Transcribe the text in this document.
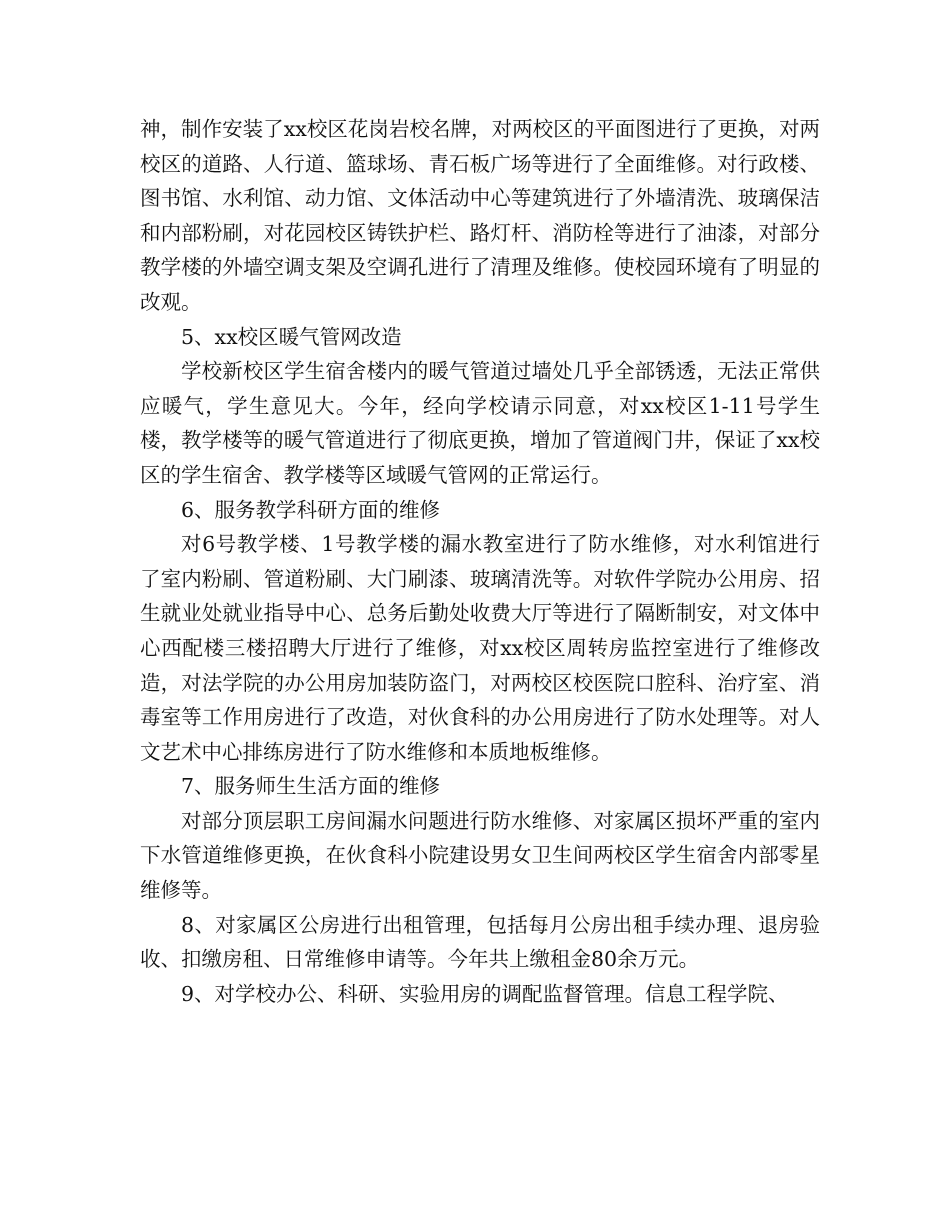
神，制作安装了xx校区花岗岩校名牌，对两校区的平面图进行了更换，对两校区的道路、人行道、篮球场、青石板广场等进行了全面维修。对行政楼、图书馆、水利馆、动力馆、文体活动中心等建筑进行了外墙清洗、玻璃保洁和内部粉刷，对花园校区铸铁护栏、路灯杆、消防栓等进行了油漆，对部分教学楼的外墙空调支架及空调孔进行了清理及维修。使校园环境有了明显的改观。

5、xx校区暖气管网改造

学校新校区学生宿舍楼内的暖气管道过墙处几乎全部锈透，无法正常供应暖气，学生意见大。今年，经向学校请示同意，对xx校区1-11号学生楼，教学楼等的暖气管道进行了彻底更换，增加了管道阀门井，保证了xx校区的学生宿舍、教学楼等区域暖气管网的正常运行。

6、服务教学科研方面的维修

对6号教学楼、1号教学楼的漏水教室进行了防水维修，对水利馆进行了室内粉刷、管道粉刷、大门刷漆、玻璃清洗等。对软件学院办公用房、招生就业处就业指导中心、总务后勤处收费大厅等进行了隔断制安，对文体中心西配楼三楼招聘大厅进行了维修，对xx校区周转房监控室进行了维修改造，对法学院的办公用房加装防盗门，对两校区校医院口腔科、治疗室、消毒室等工作用房进行了改造，对伙食科的办公用房进行了防水处理等。对人文艺术中心排练房进行了防水维修和本质地板维修。

7、服务师生生活方面的维修

对部分顶层职工房间漏水问题进行防水维修、对家属区损坏严重的室内下水管道维修更换，在伙食科小院建设男女卫生间两校区学生宿舍内部零星维修等。

8、对家属区公房进行出租管理，包括每月公房出租手续办理、退房验收、扣缴房租、日常维修申请等。今年共上缴租金80余万元。

9、对学校办公、科研、实验用房的调配监督管理。信息工程学院、
